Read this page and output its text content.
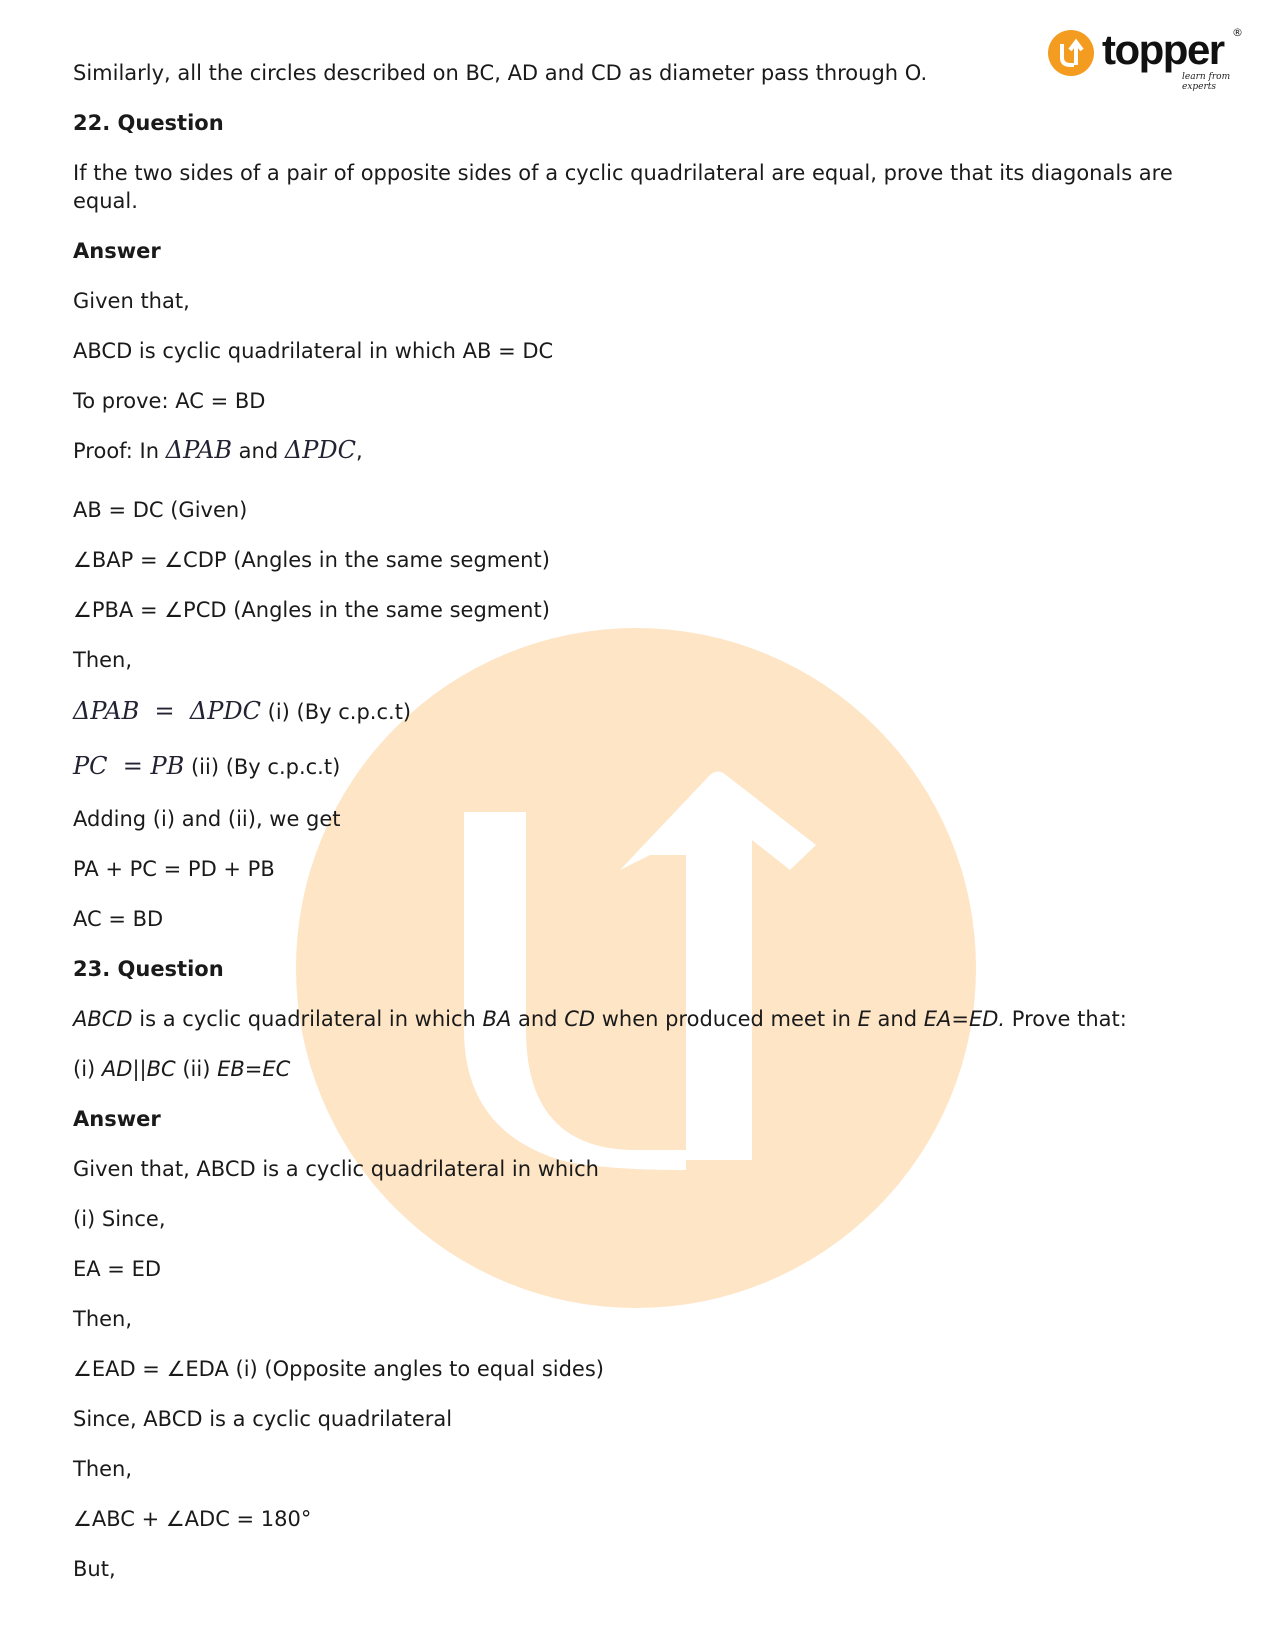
topper
learn from experts
®
Similarly, all the circles described on BC, AD and CD as diameter pass through O.
22. Question
If the two sides of a pair of opposite sides of a cyclic quadrilateral are equal, prove that its diagonals are equal.
Answer
Given that,
ABCD is cyclic quadrilateral in which AB = DC
To prove: AC = BD
Proof: In ΔPAB and ΔPDC,
AB = DC (Given)
∠BAP = ∠CDP (Angles in the same segment)
∠PBA = ∠PCD (Angles in the same segment)
Then,
ΔPAB  =  ΔPDC (i) (By c.p.c.t)
PC  = PB (ii) (By c.p.c.t)
Adding (i) and (ii), we get
PA + PC = PD + PB
AC = BD
23. Question
ABCD is a cyclic quadrilateral in which BA and CD when produced meet in E and EA=ED. Prove that:
(i) AD||BC (ii) EB=EC
Answer
Given that, ABCD is a cyclic quadrilateral in which
(i) Since,
EA = ED
Then,
∠EAD = ∠EDA (i) (Opposite angles to equal sides)
Since, ABCD is a cyclic quadrilateral
Then,
∠ABC + ∠ADC = 180°
But,
